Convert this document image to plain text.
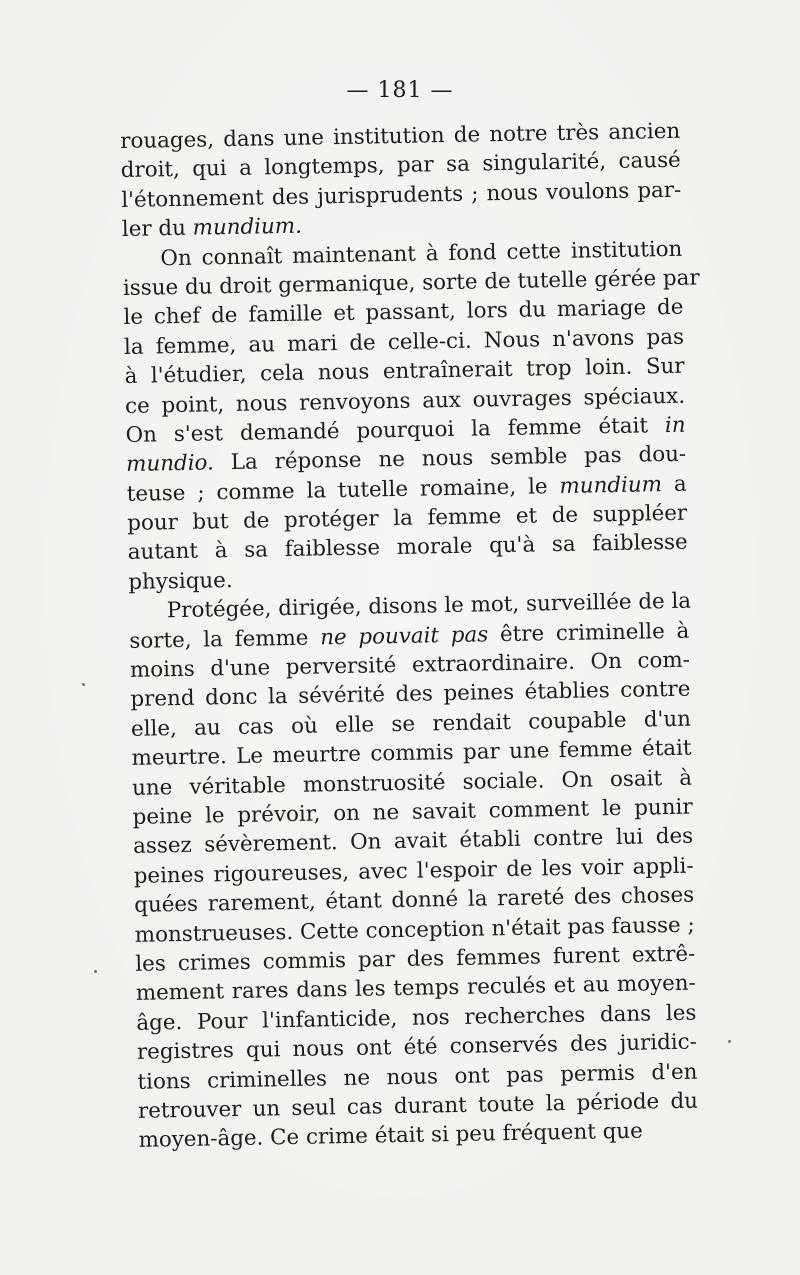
— 181 —
rouages, dans une institution de notre très ancien
droit, qui a longtemps, par sa singularité, causé
l'étonnement des jurisprudents ; nous voulons par-
ler du mundium.
On connaît maintenant à fond cette institution
issue du droit germanique, sorte de tutelle gérée par
le chef de famille et passant, lors du mariage de
la femme, au mari de celle-ci. Nous n'avons pas
à l'étudier, cela nous entraînerait trop loin. Sur
ce point, nous renvoyons aux ouvrages spéciaux.
On s'est demandé pourquoi la femme était in
mundio. La réponse ne nous semble pas dou-
teuse ; comme la tutelle romaine, le mundium a
pour but de protéger la femme et de suppléer
autant à sa faiblesse morale qu'à sa faiblesse
physique.
Protégée, dirigée, disons le mot, surveillée de la
sorte, la femme ne pouvait pas être criminelle à
moins d'une perversité extraordinaire. On com-
prend donc la sévérité des peines établies contre
elle, au cas où elle se rendait coupable d'un
meurtre. Le meurtre commis par une femme était
une véritable monstruosité sociale. On osait à
peine le prévoir, on ne savait comment le punir
assez sévèrement. On avait établi contre lui des
peines rigoureuses, avec l'espoir de les voir appli-
quées rarement, étant donné la rareté des choses
monstrueuses. Cette conception n'était pas fausse ;
les crimes commis par des femmes furent extrê-
mement rares dans les temps reculés et au moyen-
âge. Pour l'infanticide, nos recherches dans les
registres qui nous ont été conservés des juridic-
tions criminelles ne nous ont pas permis d'en
retrouver un seul cas durant toute la période du
moyen-âge. Ce crime était si peu fréquent que
